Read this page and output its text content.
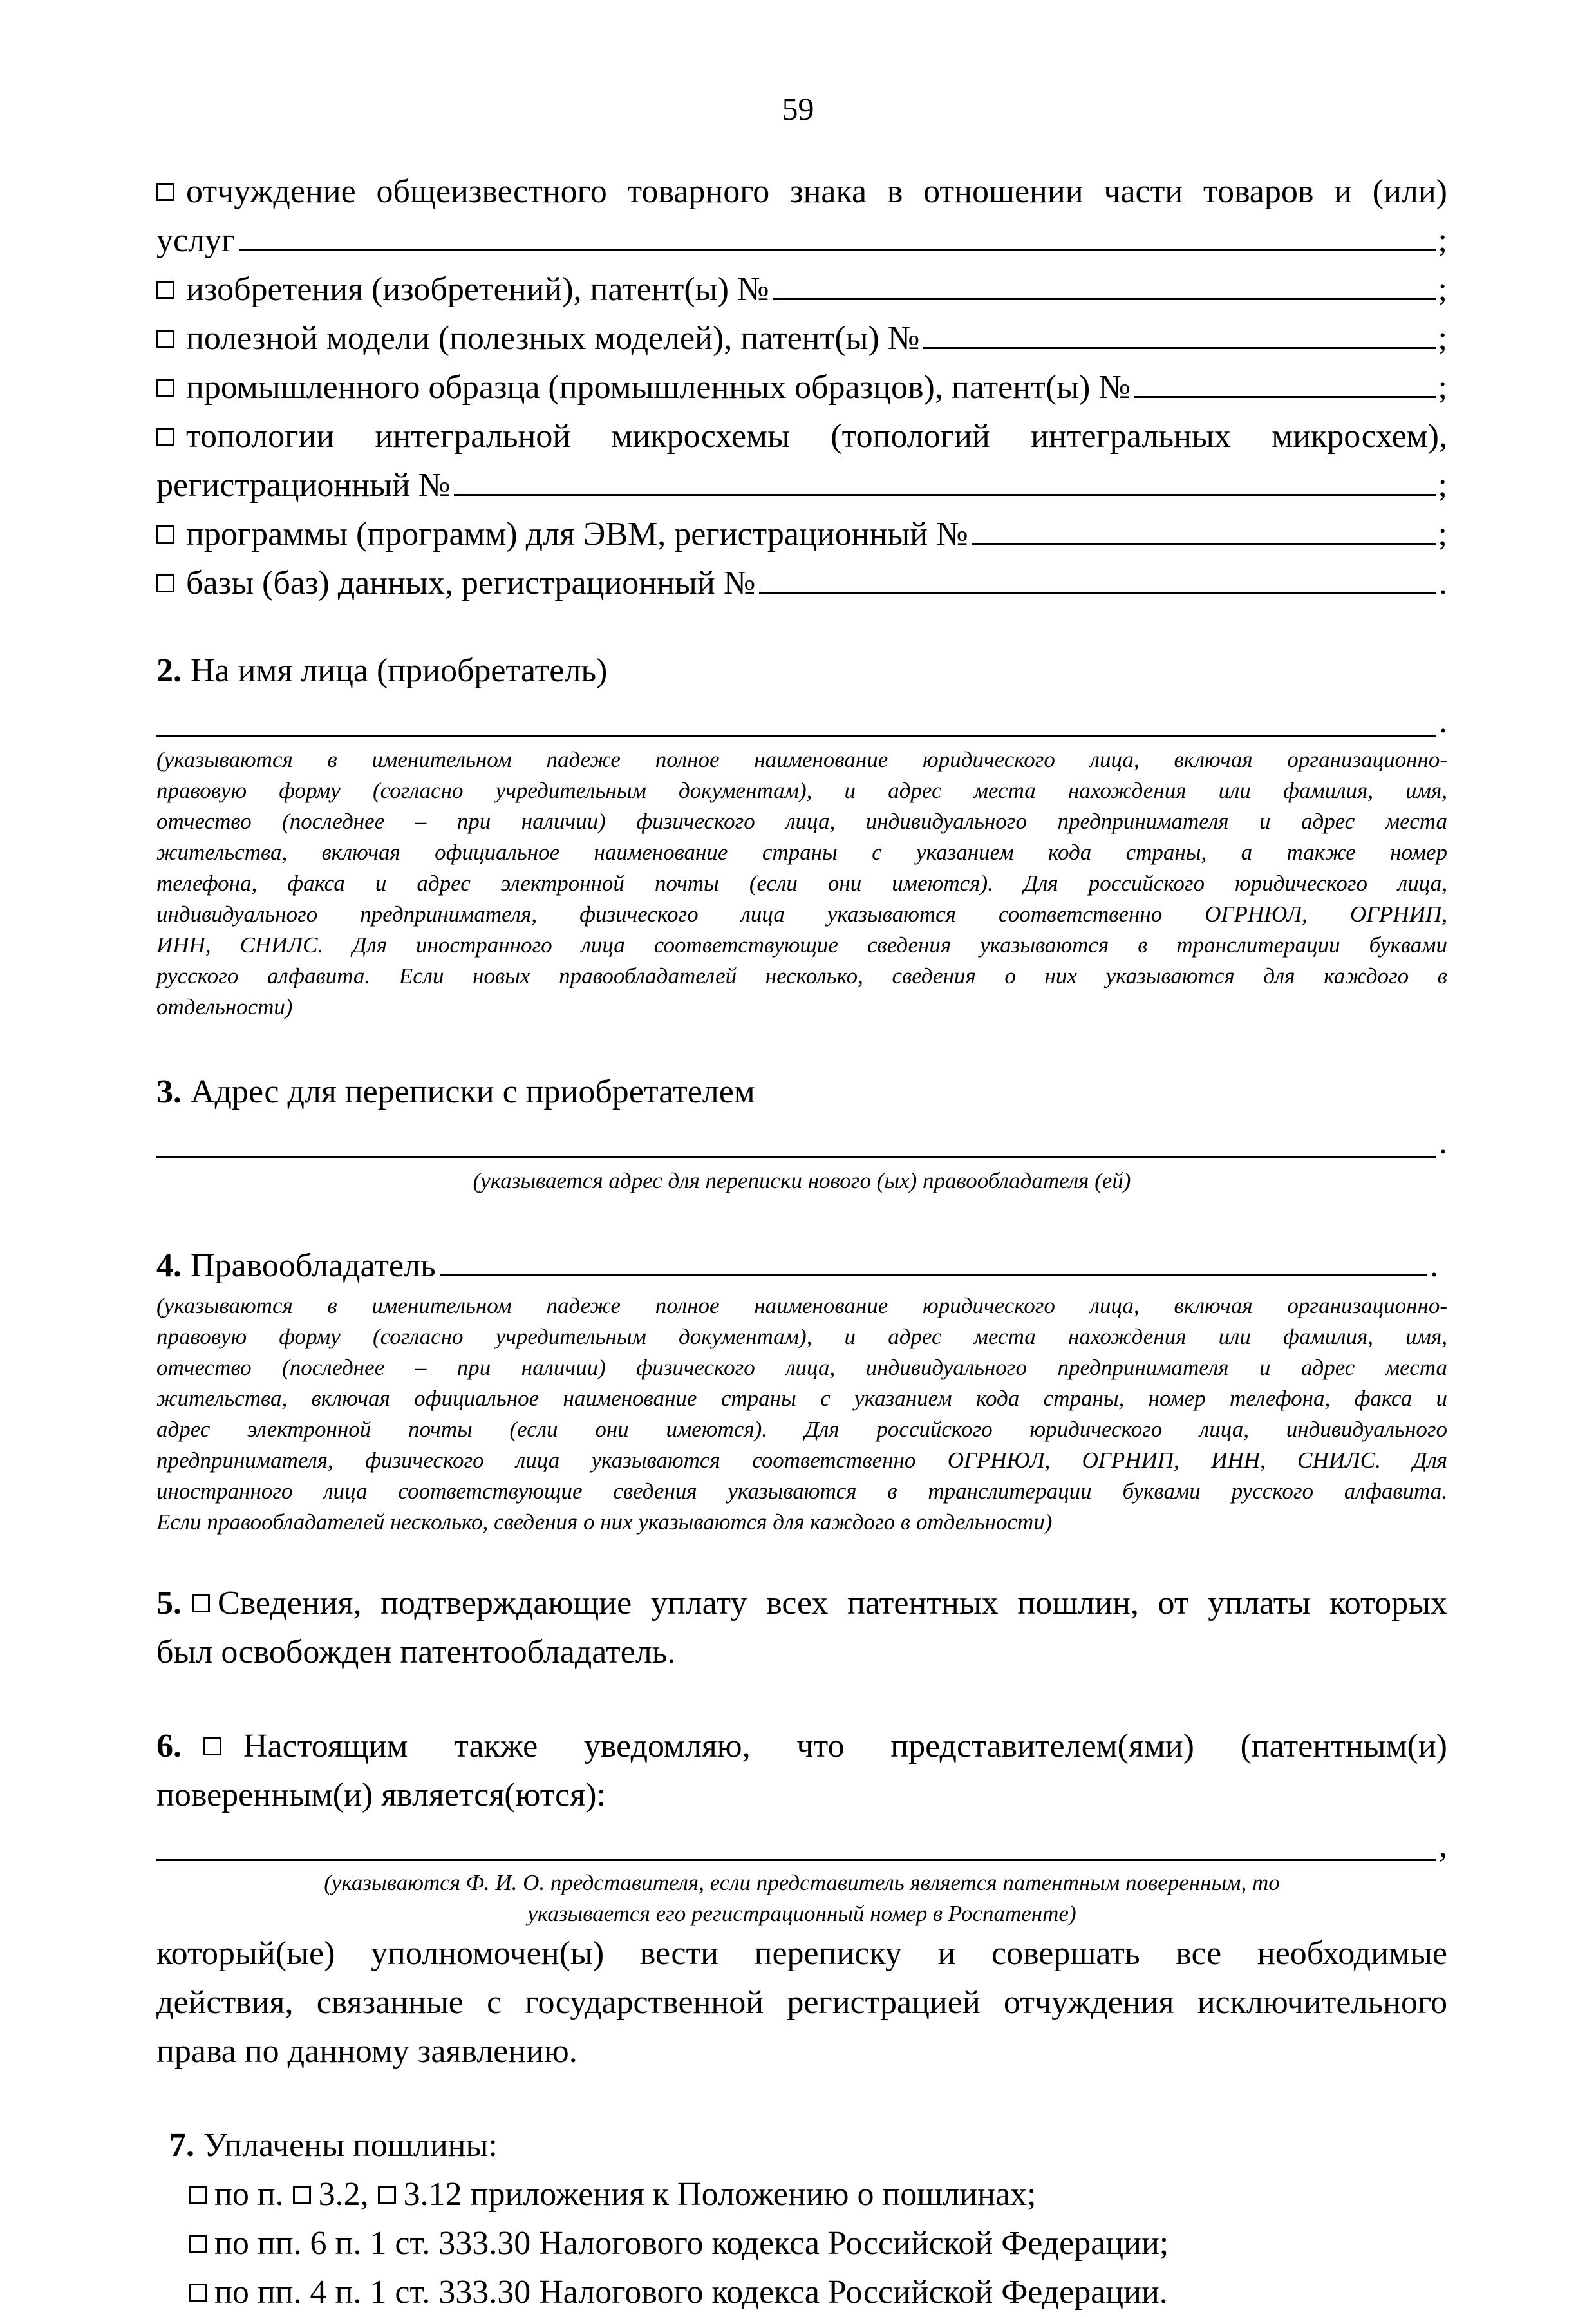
59
отчуждение общеизвестного товарного знака в отношении части товаров и (или)
услуг	;
изобретения (изобретений), патент(ы) №	;
полезной модели (полезных моделей), патент(ы) №	;
промышленного образца (промышленных образцов), патент(ы) №	;
топологии интегральной микросхемы (топологий интегральных микросхем),
регистрационный №	;
программы (программ) для ЭВМ, регистрационный №	;
базы (баз) данных, регистрационный №	.
2. На имя лица (приобретатель)
.
(указываются в именительном падеже полное наименование юридического лица, включая организационно-
правовую форму (согласно учредительным документам), и адрес места нахождения или фамилия, имя,
отчество (последнее – при наличии) физического лица, индивидуального предпринимателя и адрес места
жительства, включая официальное наименование страны с указанием кода страны, а также номер
телефона, факса и адрес электронной почты (если они имеются). Для российского юридического лица,
индивидуального предпринимателя, физического лица указываются соответственно ОГРНЮЛ, ОГРНИП,
ИНН, СНИЛС. Для иностранного лица соответствующие сведения указываются в транслитерации буквами
русского алфавита. Если новых правообладателей несколько, сведения о них указываются для каждого в
отдельности)
3. Адрес для переписки с приобретателем
.
(указывается адрес для переписки нового (ых) правообладателя (ей)
4. Правообладатель	.
(указываются в именительном падеже полное наименование юридического лица, включая организационно-
правовую форму (согласно учредительным документам), и адрес места нахождения или фамилия, имя,
отчество (последнее – при наличии) физического лица, индивидуального предпринимателя и адрес места
жительства, включая официальное наименование страны с указанием кода страны, номер телефона, факса и
адрес электронной почты (если они имеются). Для российского юридического лица, индивидуального
предпринимателя, физического лица указываются соответственно ОГРНЮЛ, ОГРНИП, ИНН, СНИЛС. Для
иностранного лица соответствующие сведения указываются в транслитерации буквами русского алфавита.
Если правообладателей несколько, сведения о них указываются для каждого в отдельности)
5. Сведения, подтверждающие уплату всех патентных пошлин, от уплаты которых
был освобожден патентообладатель.
6. Настоящим также уведомляю, что представителем(ями) (патентным(и)
поверенным(и) является(ются):
,
(указываются Ф. И. О. представителя, если представитель является патентным поверенным, то
указывается его регистрационный номер в Роспатенте)
который(ые) уполномочен(ы) вести переписку и совершать все необходимые
действия, связанные с государственной регистрацией отчуждения исключительного
права по данному заявлению.
7. Уплачены пошлины:
по п. 3.2, 3.12 приложения к Положению о пошлинах;
по пп. 6 п. 1 ст. 333.30 Налогового кодекса Российской Федерации;
по пп. 4 п. 1 ст. 333.30 Налогового кодекса Российской Федерации.
